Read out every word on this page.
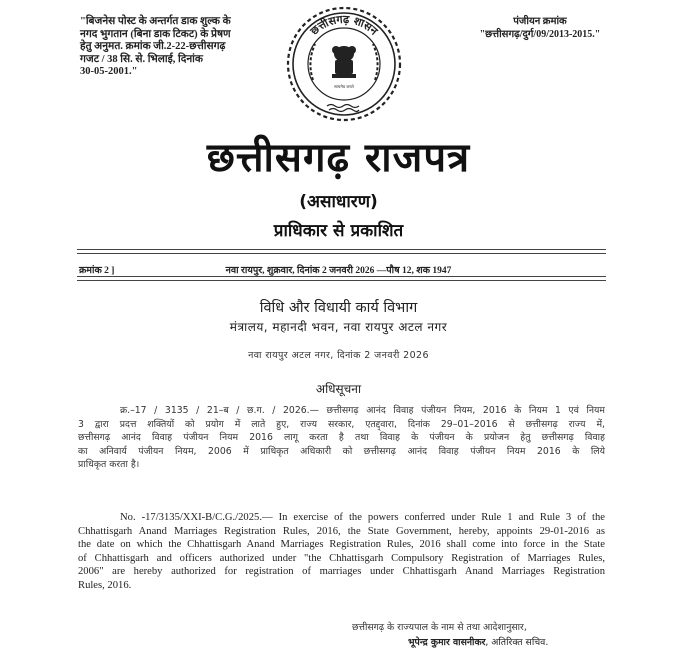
"बिजनेस पोस्ट के अन्तर्गत डाक शुल्क के
नगद भुगतान (बिना डाक टिकट) के प्रेषण
हेतु अनुमत. क्रमांक जी.2-22-छत्तीसगढ़
गजट / 38 सि. से. भिलाई, दिनांक
30-05-2001."
पंजीयन क्रमांक
"छत्तीसगढ़/दुर्ग/09/2013-2015."
सत्यमेव जयते
छत्तीसगढ़ शासन
छत्तीसगढ़ राजपत्र
(असाधारण)
प्राधिकार से प्रकाशित
नवा रायपुर, शुक्रवार, दिनांक 2 जनवरी 2026 —पौष 12, शक 1947
क्रमांक 2 ]
विधि और विधायी कार्य विभाग
मंत्रालय, महानदी भवन, नवा रायपुर अटल नगर
नवा रायपुर अटल नगर, दिनांक 2 जनवरी 2026
अधिसूचना
क्र.–17 / 3135 / 21–ब / छ.ग. / 2026.— छत्तीसगढ़ आनंद विवाह पंजीयन नियम, 2016 के नियम 1 एवं नियम
3 द्वारा प्रदत्त शक्तियों को प्रयोग में लाते हुए, राज्य सरकार, एतद्द्वारा, दिनांक 29–01–2016 से छत्तीसगढ़ राज्य में,
छत्तीसगढ़ आनंद विवाह पंजीयन नियम 2016 लागू करता है तथा विवाह के पंजीयन के प्रयोजन हेतु छत्तीसगढ़ विवाह
का अनिवार्य पंजीयन नियम, 2006 में प्राधिकृत अधिकारी को छत्तीसगढ़ आनंद विवाह पंजीयन नियम 2016 के लिये
प्राधिकृत करता है।
No. -17/3135/XXI-B/C.G./2025.— In exercise of the powers conferred under Rule 1 and Rule 3 of the
Chhattisgarh Anand Marriages Registration Rules, 2016, the State Government, hereby, appoints 29-01-2016 as
the date on which the Chhattisgarh Anand Marriages Registration Rules, 2016 shall come into force in the State
of Chhattisgarh and officers authorized under "the Chhattisgarh Compulsory Registration of Marriages Rules,
2006" are hereby authorized for registration of marriages under Chhattisgarh Anand Marriages Registration
Rules, 2016.
छत्तीसगढ़ के राज्यपाल के नाम से तथा आदेशानुसार,
भूपेन्द्र कुमार वासनीकर, अतिरिक्त सचिव.
